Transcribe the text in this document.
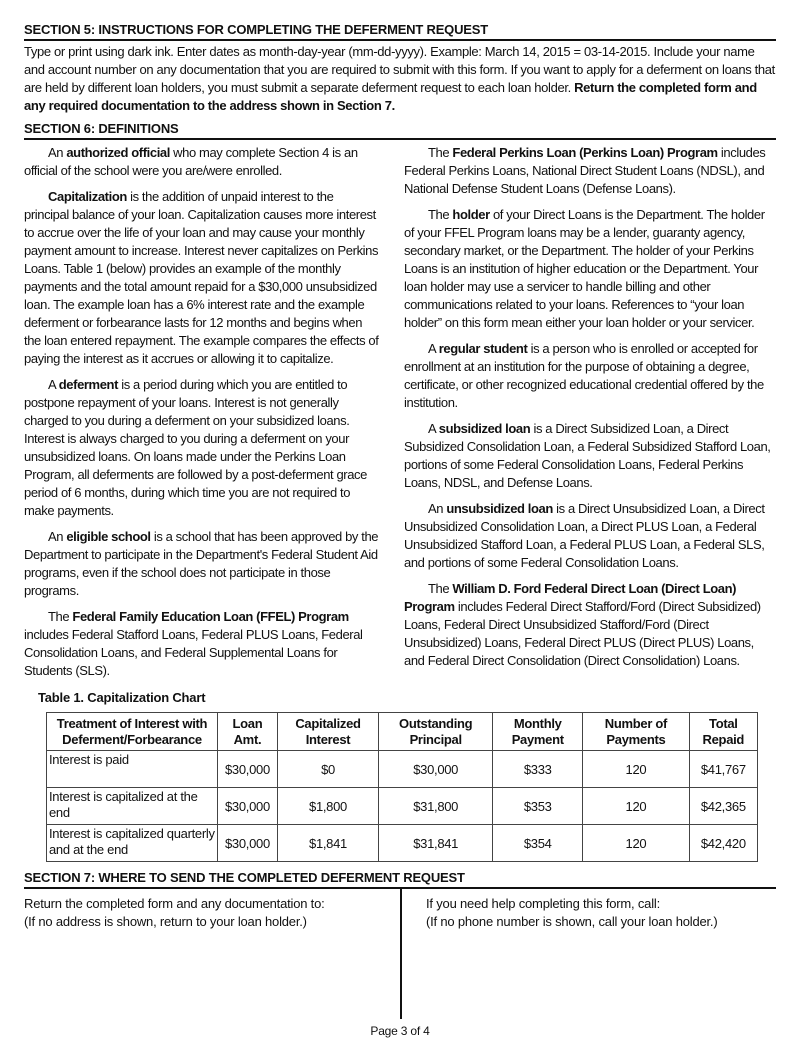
SECTION 5: INSTRUCTIONS FOR COMPLETING THE DEFERMENT REQUEST
Type or print using dark ink. Enter dates as month-day-year (mm-dd-yyyy). Example: March 14, 2015 = 03-14-2015. Include your name and account number on any documentation that you are required to submit with this form. If you want to apply for a deferment on loans that are held by different loan holders, you must submit a separate deferment request to each loan holder. Return the completed form and any required documentation to the address shown in Section 7.
SECTION 6: DEFINITIONS

An authorized official who may complete Section 4 is an official of the school were you are/were enrolled.

Capitalization is the addition of unpaid interest to the principal balance of your loan. Capitalization causes more interest to accrue over the life of your loan and may cause your monthly payment amount to increase. Interest never capitalizes on Perkins Loans. Table 1 (below) provides an example of the monthly payments and the total amount repaid for a $30,000 unsubsidized loan. The example loan has a 6% interest rate and the example deferment or forbearance lasts for 12 months and begins when the loan entered repayment. The example compares the effects of paying the interest as it accrues or allowing it to capitalize.

A deferment is a period during which you are entitled to postpone repayment of your loans. Interest is not generally charged to you during a deferment on your subsidized loans. Interest is always charged to you during a deferment on your unsubsidized loans. On loans made under the Perkins Loan Program, all deferments are followed by a post-deferment grace period of 6 months, during which time you are not required to make payments.

An eligible school is a school that has been approved by the Department to participate in the Department's Federal Student Aid programs, even if the school does not participate in those programs.

The Federal Family Education Loan (FFEL) Program includes Federal Stafford Loans, Federal PLUS Loans, Federal Consolidation Loans, and Federal Supplemental Loans for Students (SLS).

The Federal Perkins Loan (Perkins Loan) Program includes Federal Perkins Loans, National Direct Student Loans (NDSL), and National Defense Student Loans (Defense Loans).

The holder of your Direct Loans is the Department. The holder of your FFEL Program loans may be a lender, guaranty agency, secondary market, or the Department. The holder of your Perkins Loans is an institution of higher education or the Department. Your loan holder may use a servicer to handle billing and other communications related to your loans. References to “your loan holder” on this form mean either your loan holder or your servicer.

A regular student is a person who is enrolled or accepted for enrollment at an institution for the purpose of obtaining a degree, certificate, or other recognized educational credential offered by the institution.

A subsidized loan is a Direct Subsidized Loan, a Direct Subsidized Consolidation Loan, a Federal Subsidized Stafford Loan, portions of some Federal Consolidation Loans, Federal Perkins Loans, NDSL, and Defense Loans.

An unsubsidized loan is a Direct Unsubsidized Loan, a Direct Unsubsidized Consolidation Loan, a Direct PLUS Loan, a Federal Unsubsidized Stafford Loan, a Federal PLUS Loan, a Federal SLS, and portions of some Federal Consolidation Loans.

The William D. Ford Federal Direct Loan (Direct Loan) Program includes Federal Direct Stafford/Ford (Direct Subsidized) Loans, Federal Direct Unsubsidized Stafford/Ford (Direct Unsubsidized) Loans, Federal Direct PLUS (Direct PLUS) Loans, and Federal Direct Consolidation (Direct Consolidation) Loans.

Table 1. Capitalization Chart
Treatment of Interest with Deferment/Forbearance	Loan Amt.	Capitalized Interest	Outstanding Principal	Monthly Payment	Number of Payments	Total Repaid
Interest is paid	$30,000	$0	$30,000	$333	120	$41,767
Interest is capitalized at the end	$30,000	$1,800	$31,800	$353	120	$42,365
Interest is capitalized quarterly and at the end	$30,000	$1,841	$31,841	$354	120	$42,420
SECTION 7: WHERE TO SEND THE COMPLETED DEFERMENT REQUEST
Return the completed form and any documentation to:
(If no address is shown, return to your loan holder.)
If you need help completing this form, call:
(If no phone number is shown, call your loan holder.)
Page 3 of 4
